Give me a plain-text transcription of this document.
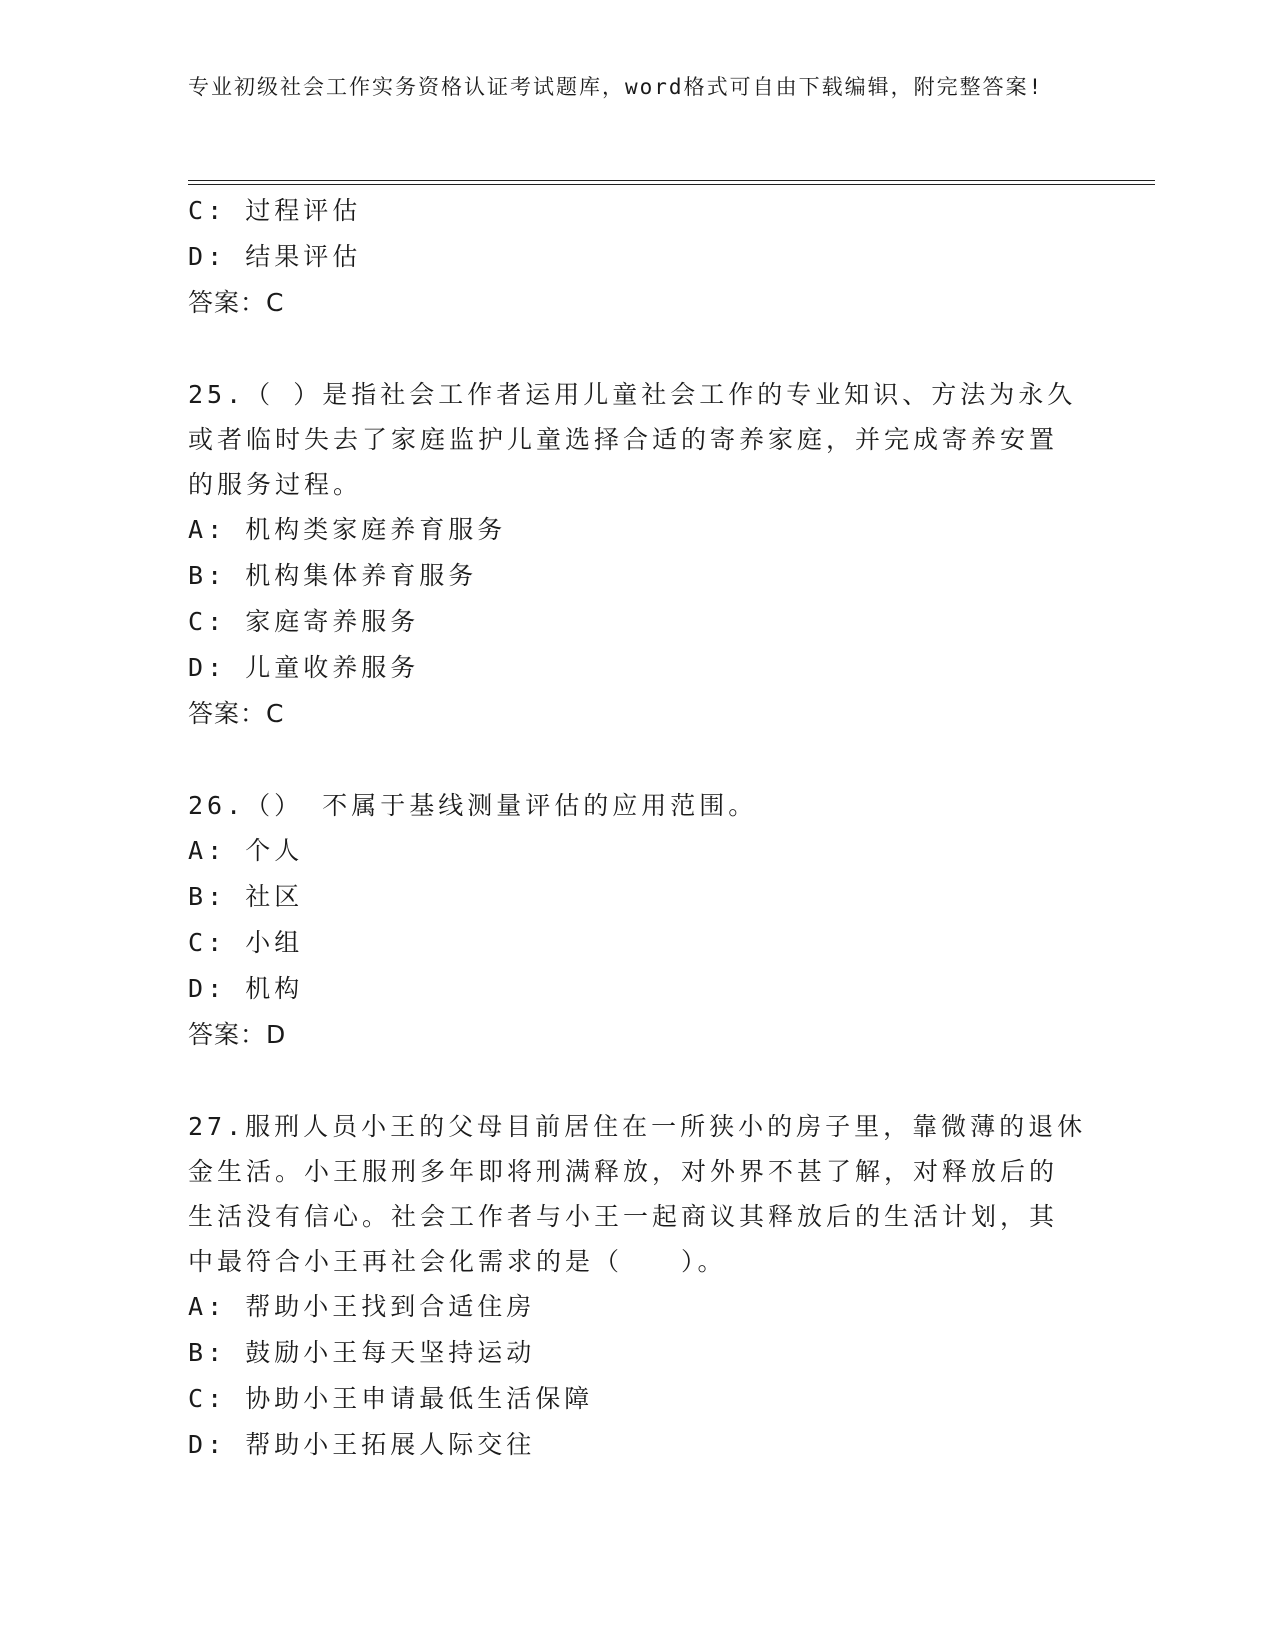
专业初级社会工作实务资格认证考试题库，word格式可自由下载编辑，附完整答案!
C: 过程评估
D: 结果评估
答案：C
25.（ ）是指社会工作者运用儿童社会工作的专业知识、方法为永久
或者临时失去了家庭监护儿童选择合适的寄养家庭，并完成寄养安置
的服务过程。
A: 机构类家庭养育服务
B: 机构集体养育服务
C: 家庭寄养服务
D: 儿童收养服务
答案：C
26.（） 不属于基线测量评估的应用范围。
A: 个人
B: 社区
C: 小组
D: 机构
答案：D
27.服刑人员小王的父母目前居住在一所狭小的房子里，靠微薄的退休
金生活。小王服刑多年即将刑满释放，对外界不甚了解，对释放后的
生活没有信心。社会工作者与小王一起商议其释放后的生活计划，其
中最符合小王再社会化需求的是（　　）。
A: 帮助小王找到合适住房
B: 鼓励小王每天坚持运动
C: 协助小王申请最低生活保障
D: 帮助小王拓展人际交往
